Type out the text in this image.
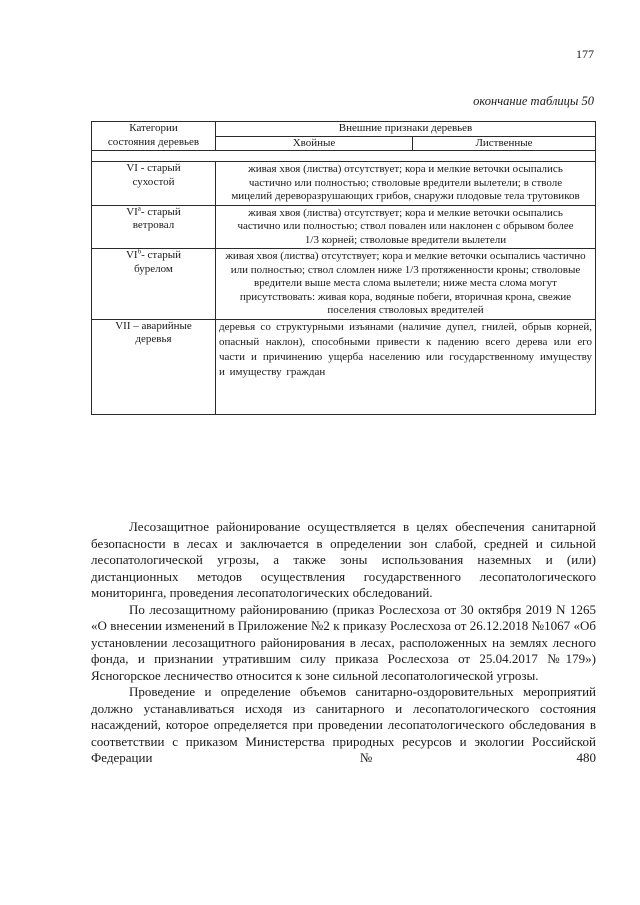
177
окончание таблицы 50
Категории
состояния деревьев	Внешние признаки деревьев	
	Хвойные	Лиственные

VI - старый
сухостой	живая хвоя (листва) отсутствует; кора и мелкие веточки осыпались частично или полностью; стволовые вредители вылетели; в стволе мицелий дереворазрушающих грибов, снаружи плодовые тела трутовиков	

$VI^а-$ старый
ветровал	живая хвоя (листва) отсутствует; кора и мелкие веточки осыпались частично или полностью; ствол повален или наклонен с обрывом более 1/3 корней; стволовые вредители вылетели	

$VI^б-$ старый
бурелом	живая хвоя (листва) отсутствует; кора и мелкие веточки осыпались частично или полностью; ствол сломлен ниже 1/3 протяженности кроны; стволовые вредители выше места слома вылетели; ниже места слома могут присутствовать: живая кора, водяные побеги, вторичная крона, свежие поселения стволовых вредителей	

VII – аварийные
деревья	деревья со структурными изъянами (наличие дупел, гнилей, обрыв корней, опасный наклон), способными привести к падению всего дерева или его части и причинению ущерба населению или государственному имуществу и имуществу граждан	

Лесозащитное районирование осуществляется в целях обеспечения санитарной безопасности в лесах и заключается в определении зон слабой, средней и сильной лесопатологической угрозы, а также зоны использования наземных и (или) дистанционных методов осуществления государственного лесопатологического мониторинга, проведения лесопатологических обследований.

По лесозащитному районированию (приказ Рослесхоза от 30 октября 2019 N 1265 «О внесении изменений в Приложение №2 к приказу Рослесхоза от 26.12.2018 №1067 «Об установлении лесозащитного районирования в лесах, расположенных на землях лесного фонда, и признании утратившим силу приказа Рослесхоза от 25.04.2017 №179») Ясногорское лесничество относится к зоне сильной лесопатологической угрозы.

Проведение и определение объемов санитарно-оздоровительных мероприятий должно устанавливаться исходя из санитарного и лесопатологического состояния насаждений, которое определяется при проведении лесопатологического обследования в соответствии с приказом Министерства природных ресурсов и экологии Российской Федерации №480
